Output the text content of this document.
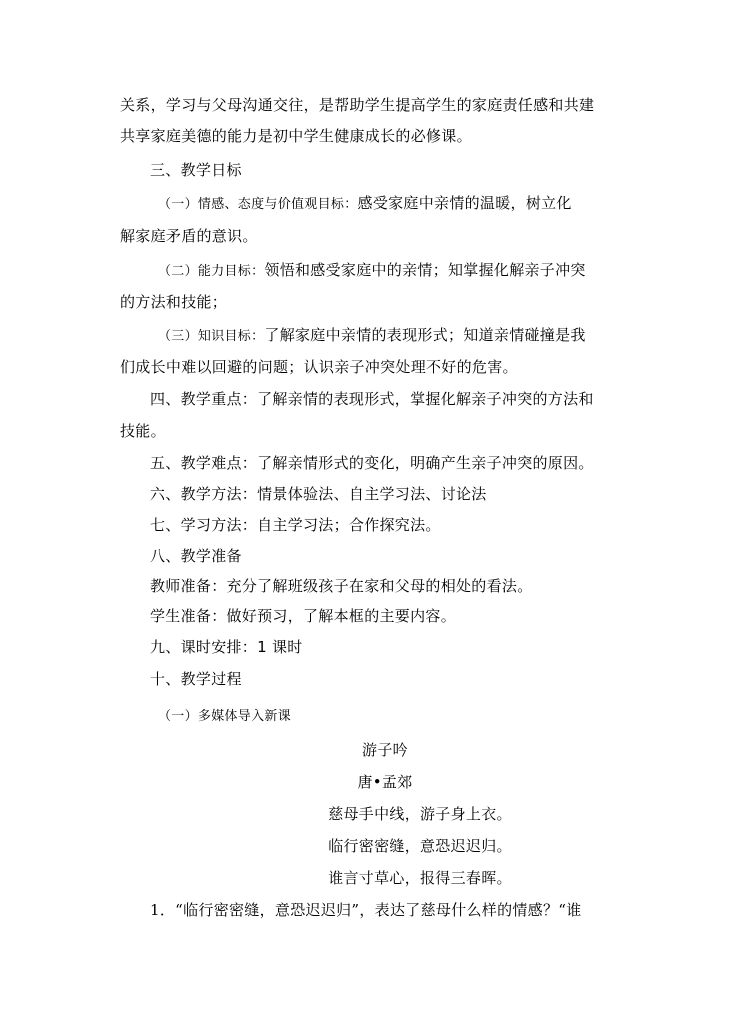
关系，学习与父母沟通交往，是帮助学生提高学生的家庭责任感和共建
共享家庭美德的能力是初中学生健康成长的必修课。
三、教学日标
（一）情感、态度与价值观目标：感受家庭中亲情的温暖，树立化
解家庭矛盾的意识。
（二）能力目标：领悟和感受家庭中的亲情；知掌握化解亲子冲突
的方法和技能；
（三）知识目标：了解家庭中亲情的表现形式；知道亲情碰撞是我
们成长中难以回避的问题；认识亲子冲突处理不好的危害。
四、教学重点：了解亲情的表现形式，掌握化解亲子冲突的方法和
技能。
五、教学难点：了解亲情形式的变化，明确产生亲子冲突的原因。
六、教学方法：情景体验法、自主学习法、讨论法
七、学习方法：自主学习法；合作探究法。
八、教学准备
教师准备：充分了解班级孩子在家和父母的相处的看法。
学生准备：做好预习，了解本框的主要内容。
九、课时安排：1 课时
十、教学过程
（一）多媒体导入新课
游子吟
唐•孟郊
慈母手中线，游子身上衣。
临行密密缝，意恐迟迟归。
谁言寸草心，报得三春晖。
1．“临行密密缝，意恐迟迟归”，表达了慈母什么样的情感？“谁
